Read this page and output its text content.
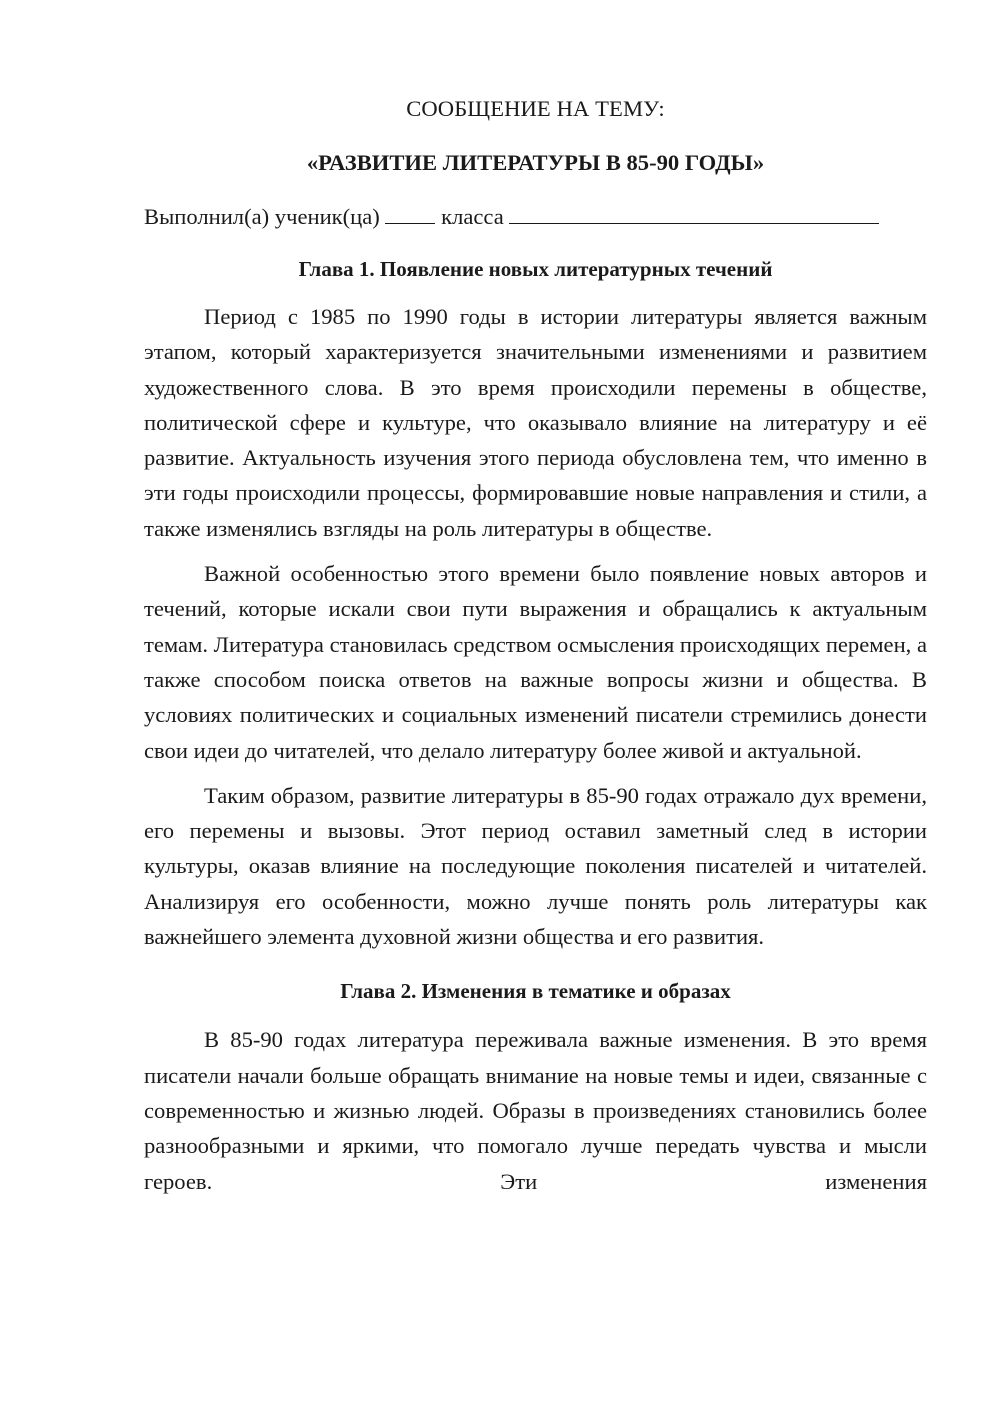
СООБЩЕНИЕ НА ТЕМУ:
«РАЗВИТИЕ ЛИТЕРАТУРЫ В 85-90 ГОДЫ»

Выполнил(а) ученик(ца)	класса

Глава 1. Появление новых литературных течений

Период с 1985 по 1990 годы в истории литературы является важным этапом, который характеризуется значительными изменениями и развитием художественного слова. В это время происходили перемены в обществе, политической сфере и культуре, что оказывало влияние на литературу и её развитие. Актуальность изучения этого периода обусловлена тем, что именно в эти годы происходили процессы, формировавшие новые направления и стили, а также изменялись взгляды на роль литературы в обществе.

Важной особенностью этого времени было появление новых авторов и течений, которые искали свои пути выражения и обращались к актуальным темам. Литература становилась средством осмысления происходящих перемен, а также способом поиска ответов на важные вопросы жизни и общества. В условиях политических и социальных изменений писатели стремились донести свои идеи до читателей, что делало литературу более живой и актуальной.

Таким образом, развитие литературы в 85-90 годах отражало дух времени, его перемены и вызовы. Этот период оставил заметный след в истории культуры, оказав влияние на последующие поколения писателей и читателей. Анализируя его особенности, можно лучше понять роль литературы как важнейшего элемента духовной жизни общества и его развития.

Глава 2. Изменения в тематике и образах

В 85-90 годах литература переживала важные изменения. В это время писатели начали больше обращать внимание на новые темы и идеи, связанные с современностью и жизнью людей. Образы в произведениях становились более разнообразными и яркими, что помогало лучше передать чувства и мысли героев. Эти изменения
